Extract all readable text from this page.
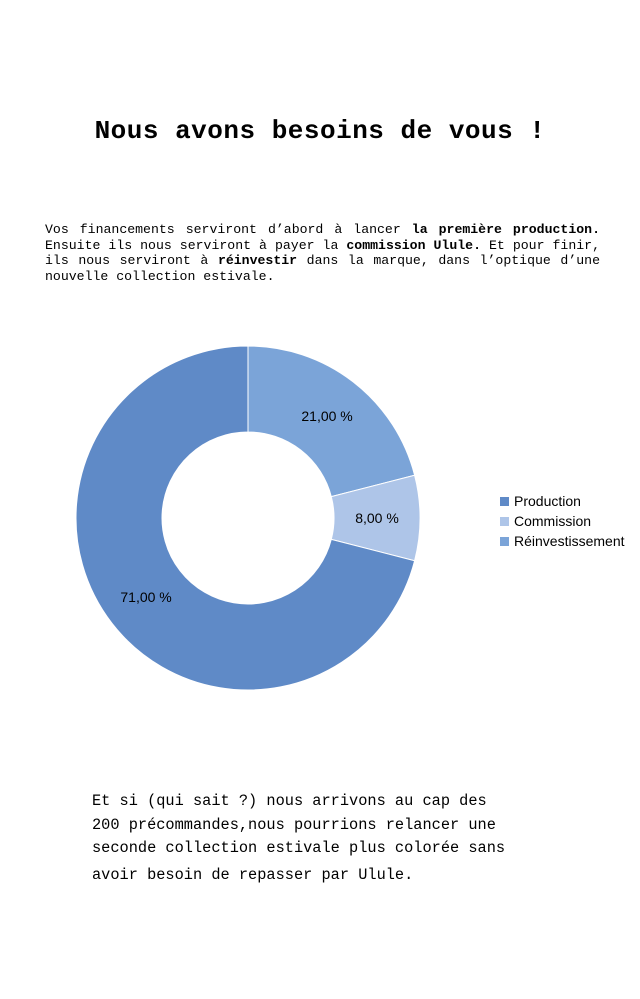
Nous avons besoins de vous !
Vos financements serviront d’abord à lancer la première production. Ensuite ils nous serviront à payer la commission Ulule. Et pour finir, ils nous serviront à réinvestir dans la marque, dans l’optique d’une nouvelle collection estivale.
21,00 %
8,00 %
71,00 %
Production
Commission
Réinvestissement
Et si (qui sait ?) nous arrivons au cap des
200 précommandes,nous pourrions relancer une
seconde collection estivale plus colorée sans
avoir besoin de repasser par Ulule.
